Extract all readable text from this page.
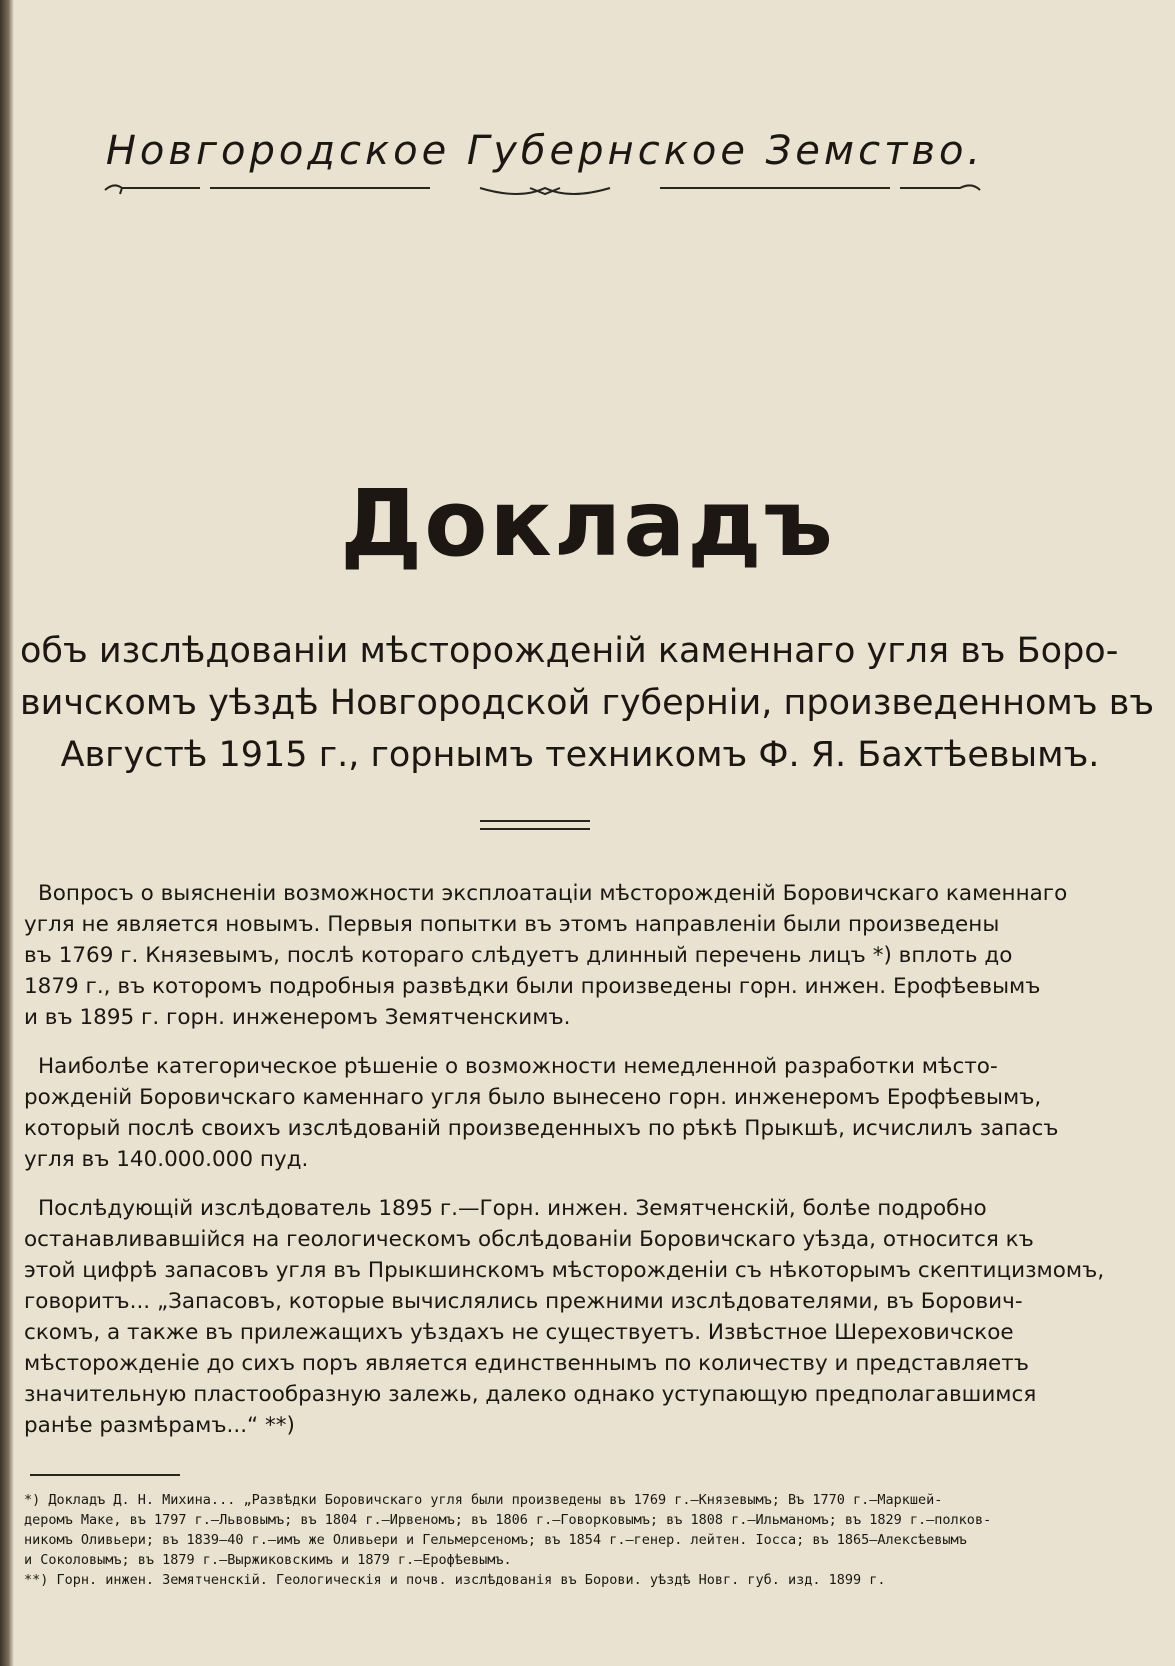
Новгородское Губернское Земство.
Докладъ
объ изслѣдованiи мѣсторожденiй каменнаго угля въ Боро-
вичскомъ уѣздѣ Новгородской губернiи, произведенномъ въ
Августѣ 1915 г., горнымъ техникомъ Ф. Я. Бахтѣевымъ.

Вопросъ о выясненiи возможности эксплоатацiи мѣсторожденiй Боровичскаго каменнаго
угля не является новымъ. Первыя попытки въ этомъ направленiи были произведены
въ 1769 г. Князевымъ, послѣ котораго слѣдуетъ длинный перечень лицъ *) вплоть до
1879 г., въ которомъ подробныя развѣдки были произведены горн. инжен. Ерофѣевымъ
и въ 1895 г. горн. инженеромъ Земятченскимъ.

Наиболѣе категорическое рѣшенiе о возможности немедленной разработки мѣсто-
рожденiй Боровичскаго каменнаго угля было вынесено горн. инженеромъ Ерофѣевымъ,
который послѣ своихъ изслѣдованiй произведенныхъ по рѣкѣ Прыкшѣ, исчислилъ запасъ
угля въ 140.000.000 пуд.

Послѣдующiй изслѣдователь 1895 г.—Горн. инжен. Земятченскiй, болѣе подробно
останавливавшiйся на геологическомъ обслѣдованiи Боровичскаго уѣзда, относится къ
этой цифрѣ запасовъ угля въ Прыкшинскомъ мѣсторожденiи съ нѣкоторымъ скептицизмомъ,
говоритъ... „Запасовъ, которые вычислялись прежними изслѣдователями, въ Борович-
скомъ, а также въ прилежащихъ уѣздахъ не существуетъ. Извѣстное Шереховичское
мѣсторожденiе до сихъ поръ является единственнымъ по количеству и представляетъ
значительную пластообразную залежь, далеко однако уступающую предполагавшимся
ранѣе размѣрамъ...“ **)

*) Докладъ Д. Н. Михина... „Развѣдки Боровичскаго угля были произведены въ 1769 г.—Князевымъ; Въ 1770 г.—Маркшей-
деромъ Маке, въ 1797 г.—Львовымъ; въ 1804 г.—Ирвеномъ; въ 1806 г.—Говорковымъ; въ 1808 г.—Ильманомъ; въ 1829 г.—полков-
никомъ Оливьери; въ 1839—40 г.—имъ же Оливьери и Гельмерсеномъ; въ 1854 г.—генер. лейтен. Iосса; въ 1865—Алексѣевымъ
и Соколовымъ; въ 1879 г.—Выржиковскимъ и 1879 г.—Ерофѣевымъ.
**) Горн. инжен. Земятченскiй. Геологическiя и почв. изслѣдованiя въ Борови. уѣздѣ Новг. губ. изд. 1899 г.
